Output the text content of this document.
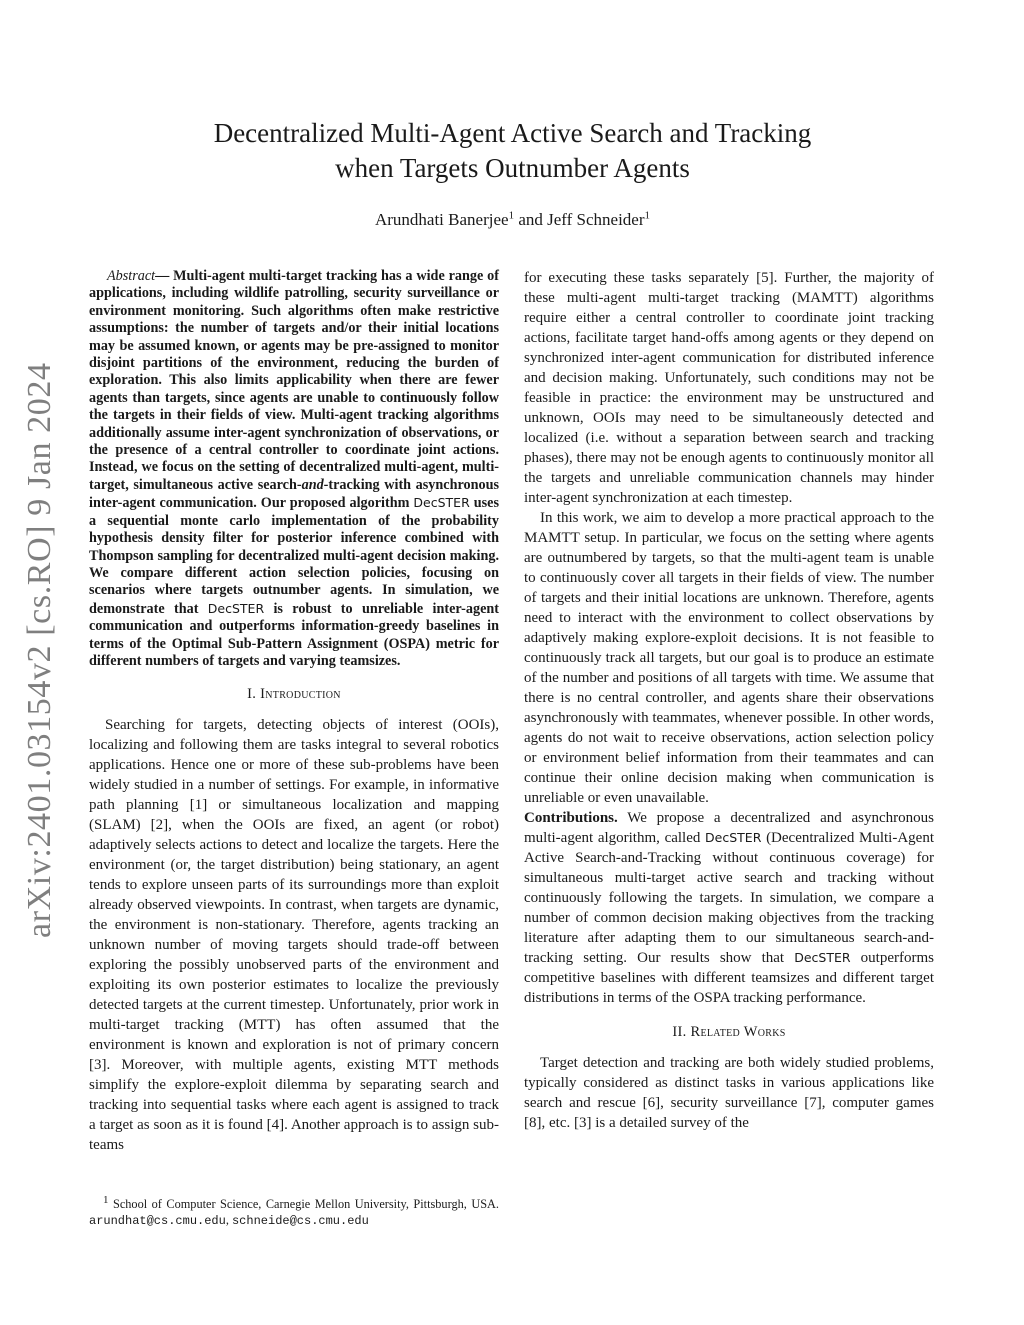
arXiv:2401.03154v2 [cs.RO] 9 Jan 2024
Decentralized Multi-Agent Active Search and Tracking
when Targets Outnumber Agents
Arundhati Banerjee$^1$ and Jeff Schneider$^1$

Abstract— Multi-agent multi-target tracking has a wide range of applications, including wildlife patrolling, security surveillance or environment monitoring. Such algorithms often make restrictive assumptions: the number of targets and/or their initial locations may be assumed known, or agents may be pre-assigned to monitor disjoint partitions of the environment, reducing the burden of exploration. This also limits applicability when there are fewer agents than targets, since agents are unable to continuously follow the targets in their fields of view. Multi-agent tracking algorithms additionally assume inter-agent synchronization of observations, or the presence of a central controller to coordinate joint actions. Instead, we focus on the setting of decentralized multi-agent, multi-target, simultaneous active search-and-tracking with asynchronous inter-agent communication. Our proposed algorithm DecSTER uses a sequential monte carlo implementation of the probability hypothesis density filter for posterior inference combined with Thompson sampling for decentralized multi-agent decision making. We compare different action selection policies, focusing on scenarios where targets outnumber agents. In simulation, we demonstrate that DecSTER is robust to unreliable inter-agent communication and outperforms information-greedy baselines in terms of the Optimal Sub-Pattern Assignment (OSPA) metric for different numbers of targets and varying teamsizes.

I. Introduction

Searching for targets, detecting objects of interest (OOIs), localizing and following them are tasks integral to several robotics applications. Hence one or more of these sub-problems have been widely studied in a number of settings. For example, in informative path planning [1] or simultaneous localization and mapping (SLAM) [2], when the OOIs are fixed, an agent (or robot) adaptively selects actions to detect and localize the targets. Here the environment (or, the target distribution) being stationary, an agent tends to explore unseen parts of its surroundings more than exploit already observed viewpoints. In contrast, when targets are dynamic, the environment is non-stationary. Therefore, agents tracking an unknown number of moving targets should trade-off between exploring the possibly unobserved parts of the environment and exploiting its own posterior estimates to localize the previously detected targets at the current timestep. Unfortunately, prior work in multi-target tracking (MTT) has often assumed that the environment is known and exploration is not of primary concern [3]. Moreover, with multiple agents, existing MTT methods simplify the explore-exploit dilemma by separating search and tracking into sequential tasks where each agent is assigned to track a target as soon as it is found [4]. Another approach is to assign sub-teams

for executing these tasks separately [5]. Further, the majority of these multi-agent multi-target tracking (MAMTT) algorithms require either a central controller to coordinate joint tracking actions, facilitate target hand-offs among agents or they depend on synchronized inter-agent communication for distributed inference and decision making. Unfortunately, such conditions may not be feasible in practice: the environment may be unstructured and unknown, OOIs may need to be simultaneously detected and localized (i.e. without a separation between search and tracking phases), there may not be enough agents to continuously monitor all the targets and unreliable communication channels may hinder inter-agent synchronization at each timestep.

In this work, we aim to develop a more practical approach to the MAMTT setup. In particular, we focus on the setting where agents are outnumbered by targets, so that the multi-agent team is unable to continuously cover all targets in their fields of view. The number of targets and their initial locations are unknown. Therefore, agents need to interact with the environment to collect observations by adaptively making explore-exploit decisions. It is not feasible to continuously track all targets, but our goal is to produce an estimate of the number and positions of all targets with time. We assume that there is no central controller, and agents share their observations asynchronously with teammates, whenever possible. In other words, agents do not wait to receive observations, action selection policy or environment belief information from their teammates and can continue their online decision making when communication is unreliable or even unavailable.

Contributions. We propose a decentralized and asynchronous multi-agent algorithm, called DecSTER (Decentralized Multi-Agent Active Search-and-Tracking without continuous coverage) for simultaneous multi-target active search and tracking without continuously following the targets. In simulation, we compare a number of common decision making objectives from the tracking literature after adapting them to our simultaneous search-and-tracking setting. Our results show that DecSTER outperforms competitive baselines with different teamsizes and different target distributions in terms of the OSPA tracking performance.

II. Related Works

Target detection and tracking are both widely studied problems, typically considered as distinct tasks in various applications like search and rescue [6], security surveillance [7], computer games [8], etc. [3] is a detailed survey of the

$^1$ School of Computer Science, Carnegie Mellon University, Pittsburgh, USA. arundhat@cs.cmu.edu, schneide@cs.cmu.edu
